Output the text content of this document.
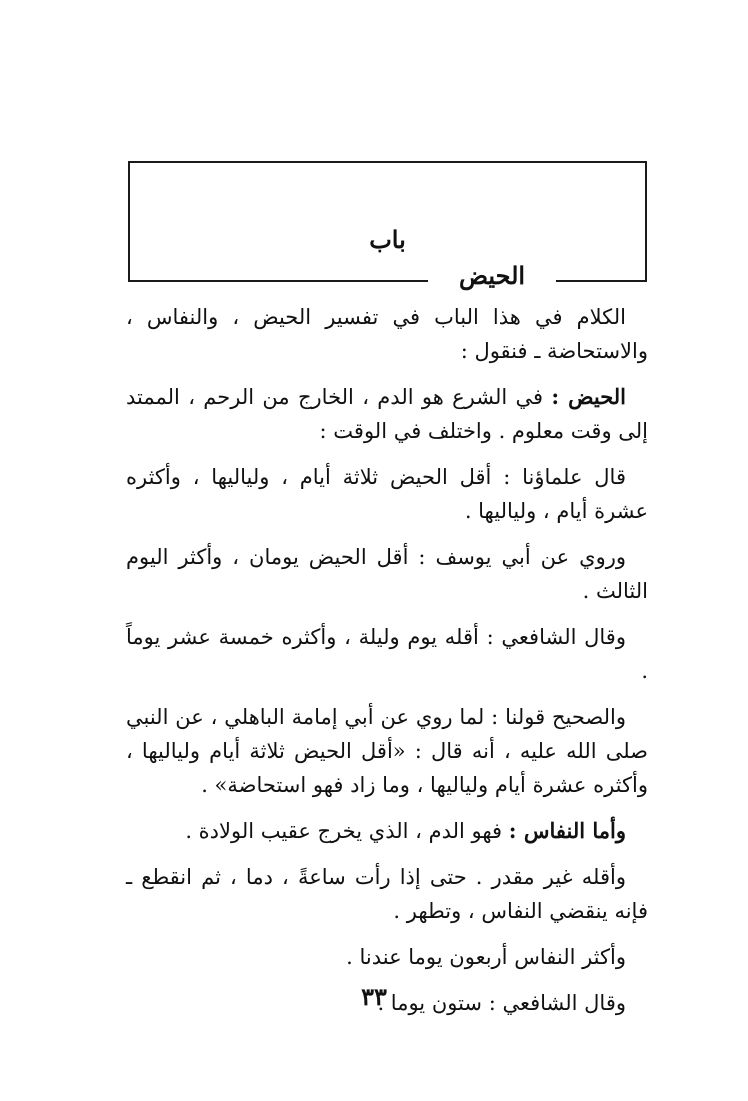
باب
الحيض

الكلام في هذا الباب في تفسير الحيض ، والنفاس ، والاستحاضة ـ فنقول :

الحيض : في الشرع هو الدم ، الخارج من الرحم ، الممتد إلى وقت معلوم . واختلف في الوقت :

قال علماؤنا : أقل الحيض ثلاثة أيام ، ولياليها ، وأكثره عشرة أيام ، ولياليها .

وروي عن أبي يوسف : أقل الحيض يومان ، وأكثر اليوم الثالث .

وقال الشافعي : أقله يوم وليلة ، وأكثره خمسة عشر يوماً .

والصحيح قولنا : لما روي عن أبي إمامة الباهلي ، عن النبي صلى الله عليه ، أنه قال : «أقل الحيض ثلاثة أيام ولياليها ، وأكثره عشرة أيام ولياليها ، وما زاد فهو استحاضة» .

وأما النفاس : فهو الدم ، الذي يخرج عقيب الولادة .

وأقله غير مقدر . حتى إذا رأت ساعةً ، دما ، ثم انقطع ـ فإنه ينقضي النفاس ، وتطهر .

وأكثر النفاس أربعون يوما عندنا .

وقال الشافعي : ستون يوما .

٣٣
